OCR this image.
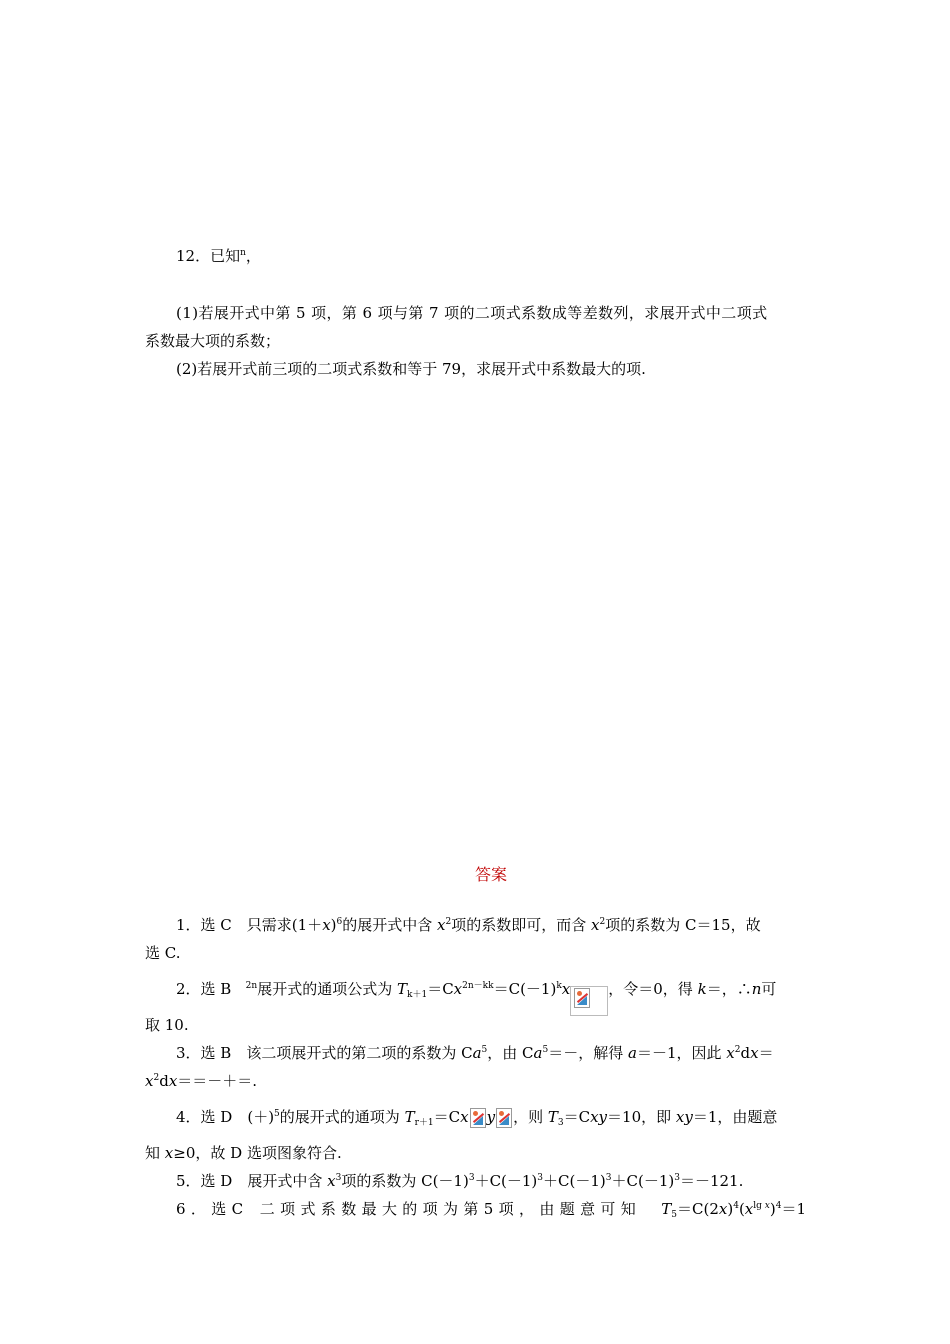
12．已知$^n$，
(1)若展开式中第 5 项，第 6 项与第 7 项的二项式系数成等差数列，求展开式中二项式
系数最大项的系数；
(2)若展开式前三项的二项式系数和等于 79，求展开式中系数最大的项.
答案
1．选 C　只需求$(1+x)^6$的展开式中含 $x^2$项的系数即可，而含 $x^2$项的系数为 C＝15，故
选 C.
2．选 B $^{2n}$展开式的通项公式为 $T_{k+1}=Cx^{2n-kk}=C(-1)^kx$	，令＝0，得 k＝，∴n可
取 10.
3．选 B　该二项展开式的第二项的系数为 Ca$^5$，由 $Ca^5=-$，解得 a＝－1，因此 $x^2dx=$
$x^2dx==-+=$.
4．选 D　$(+)^5$的展开式的通项为 $T_{r+1}=Cx$ y ，则 $T_3=Cxy=10$，即 xy＝1，由题意
知 x≥0，故 D 选项图象符合.
5．选 D　展开式中含 $x^3$项的系数为 $C(-1)^3+C(-1)^3+C(-1)^3+C(-1)^3=-121$.
6 ． 选 C 二 项 式 系 数 最 大 的 项 为 第 5 项 ， 由 题 意 可 知 $T_5=C(2x)^4(x^{lg x})^4=1$
